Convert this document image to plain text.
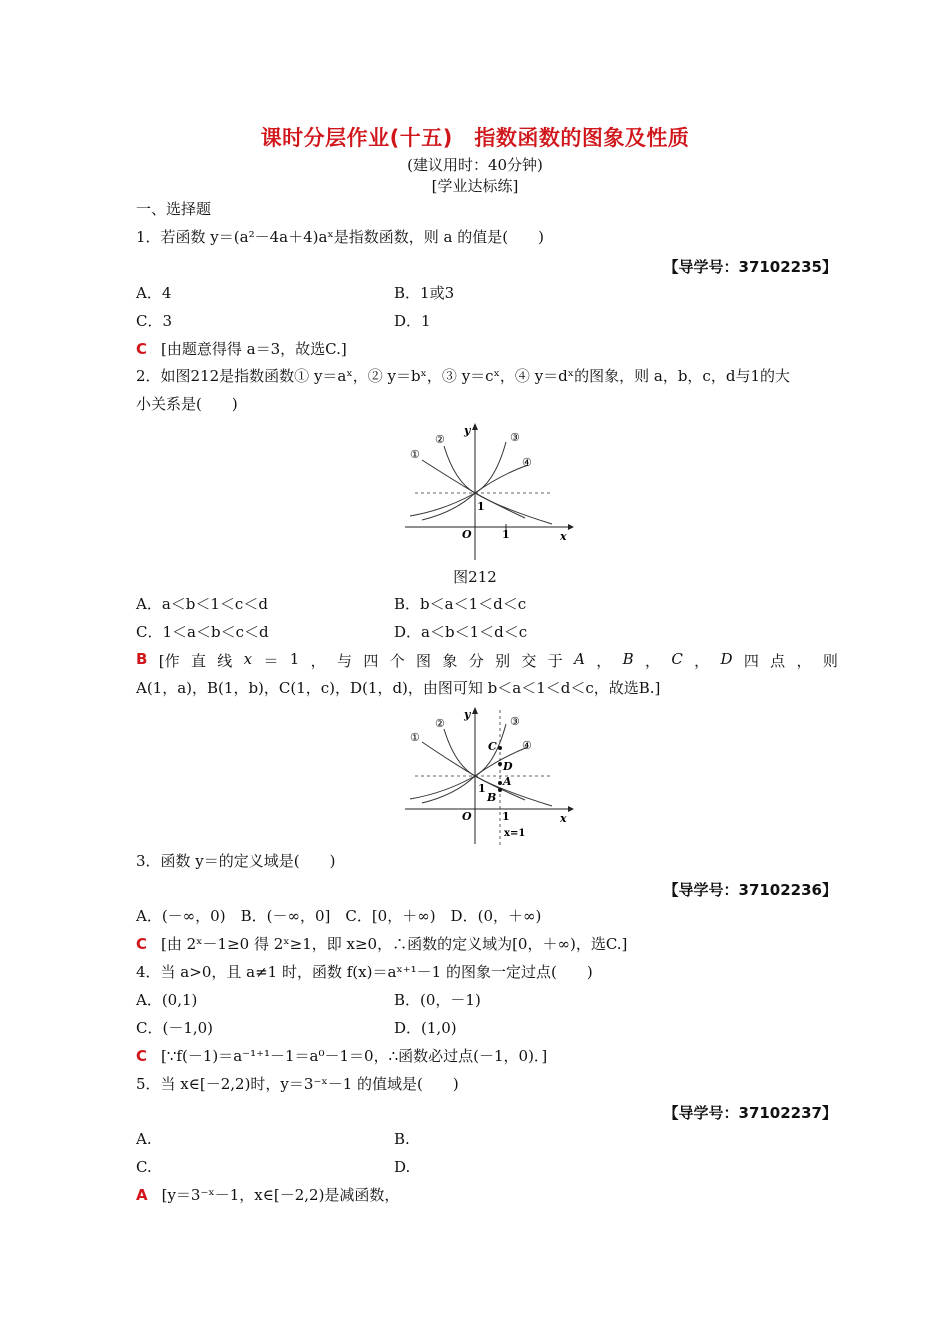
课时分层作业(十五)　指数函数的图象及性质
(建议用时：40分钟)
[学业达标练]
一、选择题
1．若函数 y＝(a²－4a＋4)aˣ是指数函数，则 a 的值是(　　)
【导学号：37102235】
A．4	B．1或3
C．3	D．1
C [由题意得得 a＝3，故选C.]
2．如图212是指数函数① y＝aˣ，② y＝bˣ，③ y＝cˣ，④ y＝dˣ的图象，则 a，b，c，d与1的大
小关系是(　　)
①
②	③
④
y
x
O	1
1
图212
A．a＜b＜1＜c＜d	B．b＜a＜1＜d＜c
C．1＜a＜b＜c＜d	D．a＜b＜1＜d＜c
B [作 直 线 x ＝ 1 ， 与 四 个 图 象 分 别 交 于 A ， B ， C ， D 四 点 ， 则
A(1，a)，B(1，b)，C(1，c)，D(1，d)，由图可知 b＜a＜1＜d＜c，故选B.]
①
②	③
④
C
D
A
B
y
x
O	1
1
x=1
3．函数 y＝的定义域是(　　)
【导学号：37102236】
A．(－∞，0)　B．(－∞，0]　C．[0，＋∞)　D．(0，＋∞)
C [由 2ˣ－1≥0 得 2ˣ≥1，即 x≥0，∴函数的定义域为[0，＋∞)，选C.]
4．当 a>0，且 a≠1 时，函数 f(x)＝aˣ⁺¹－1 的图象一定过点(　　)
A．(0,1)	B．(0，－1)
C．(－1,0)	D．(1,0)
C [∵f(－1)＝a⁻¹⁺¹－1＝a⁰－1＝0，∴函数必过点(－1，0)．]
5．当 x∈[－2,2)时，y＝3⁻ˣ－1 的值域是(　　)
【导学号：37102237】
A.	B.
C.	D.
A [y＝3⁻ˣ－1，x∈[－2,2)是减函数，
